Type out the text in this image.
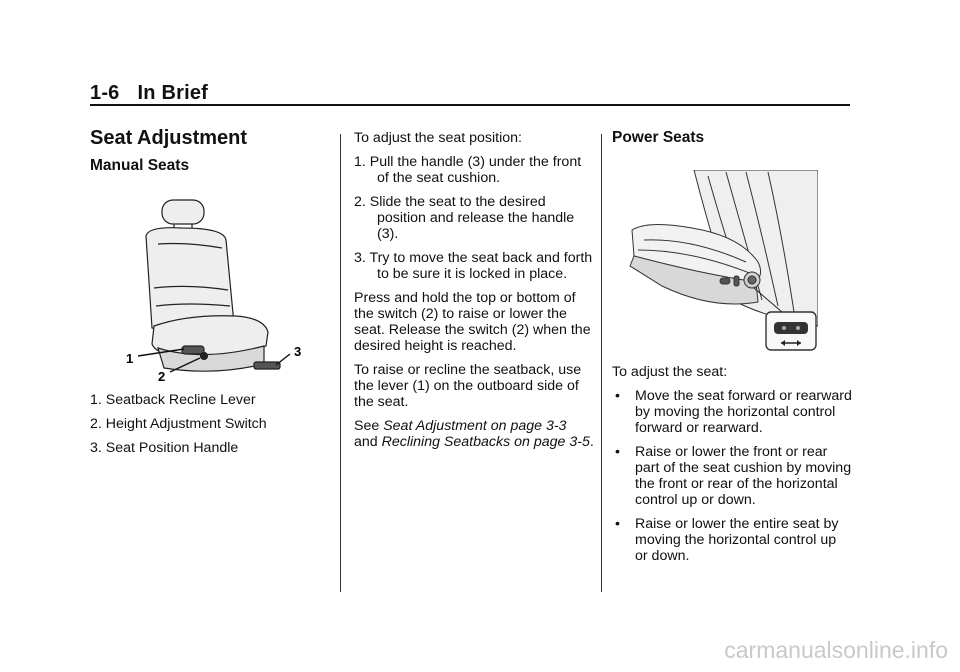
1-6 In Brief
Seat Adjustment
Manual Seats
1
2
3

1. Seatback Recline Lever

2. Height Adjustment Switch

3. Seat Position Handle

To adjust the seat position:

1. Pull the handle (3) under the front of the seat cushion.
2. Slide the seat to the desired position and release the handle (3).
3. Try to move the seat back and forth to be sure it is locked in place.

Press and hold the top or bottom of the switch (2) to raise or lower the seat. Release the switch (2) when the desired height is reached.

To raise or recline the seatback, use the lever (1) on the outboard side of the seat.

See Seat Adjustment on page 3-3 and Reclining Seatbacks on page 3-5.

Power Seats

To adjust the seat:

• Move the seat forward or rearward by moving the horizontal control forward or rearward.
• Raise or lower the front or rear part of the seat cushion by moving the front or rear of the horizontal control up or down.
• Raise or lower the entire seat by moving the horizontal control up or down.
carmanualsonline.info
